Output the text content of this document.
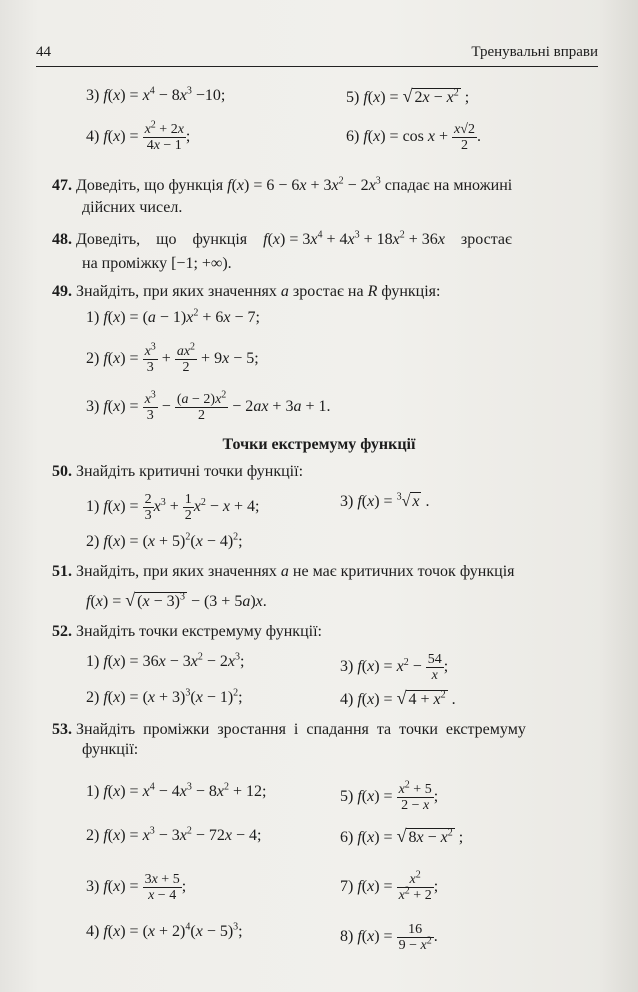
44	Тренувальні вправи
3) $f(x) = x^4 - 8x^3 -10$;	5) f(x) = √ $2x - x^2$ ;
4) $f(x) = \frac{x^2 + 2x}{4x - 1}$ ;	6) $f(x) = \cos x + \frac{x√2}{2}$ .
47. Доведіть, що функція $f(x) = 6 - 6x + 3x^2 - 2x^3$ спадає на множині
дійсних чисел.
48. Доведіть,    що    функція    $f(x) = 3x^4 + 4x^3 + 18x^2 + 36x$    зростає
на проміжку [−1; +∞).
49. Знайдіть, при яких значеннях a зростає на R функція:
1) $f(x) = (a - 1)x^2 + 6x - 7$;
2) $f(x) = \frac{x^3}{3} + \frac{ax^2}{2} + 9x - 5$;
3) $f(x) = \frac{x^3}{3} - \frac{(a - 2)x^2}{2} - 2ax + 3a + 1$.
Точки екстремуму функції
50. Знайдіть критичні точки функції:
1) $f(x) = \frac{2}{3} x^3 + \frac{1}{2} x^2 - x + 4$;	3) f(x) = $^3$√ x .
2) $f(x) = (x + 5)^2(x - 4)^2$;
51. Знайдіть, при яких значеннях a не має критичних точок функція
f(x) = √ $(x - 3)^3 - (3 + 5a)x$.
52. Знайдіть точки екстремуму функції:
1) $f(x) = 36x - 3x^2 - 2x^3$;	3) $f(x) = x^2 - \frac{54}{x}$ ;
2) $f(x) = (x + 3)^3(x - 1)^2$;	4) f(x) = √ $4 + x^2$ .
53. Знайдіть  проміжки  зростання  і  спадання  та  точки  екстремуму
функції:
1) $f(x) = x^4 - 4x^3 - 8x^2 + 12$;	5) $f(x) = \frac{x^2 + 5}{2 - x}$ ;
2) $f(x) = x^3 - 3x^2 - 72x - 4$;	6) f(x) = √ $8x - x^2$ ;
3) $f(x) = \frac{3x + 5}{x - 4}$ ;	7) $f(x) = \frac{x^2}{x^2 + 2}$ ;
4) $f(x) = (x + 2)^4(x - 5)^3$;	8) $f(x) = \frac{16}{9 - x^2}$ .
